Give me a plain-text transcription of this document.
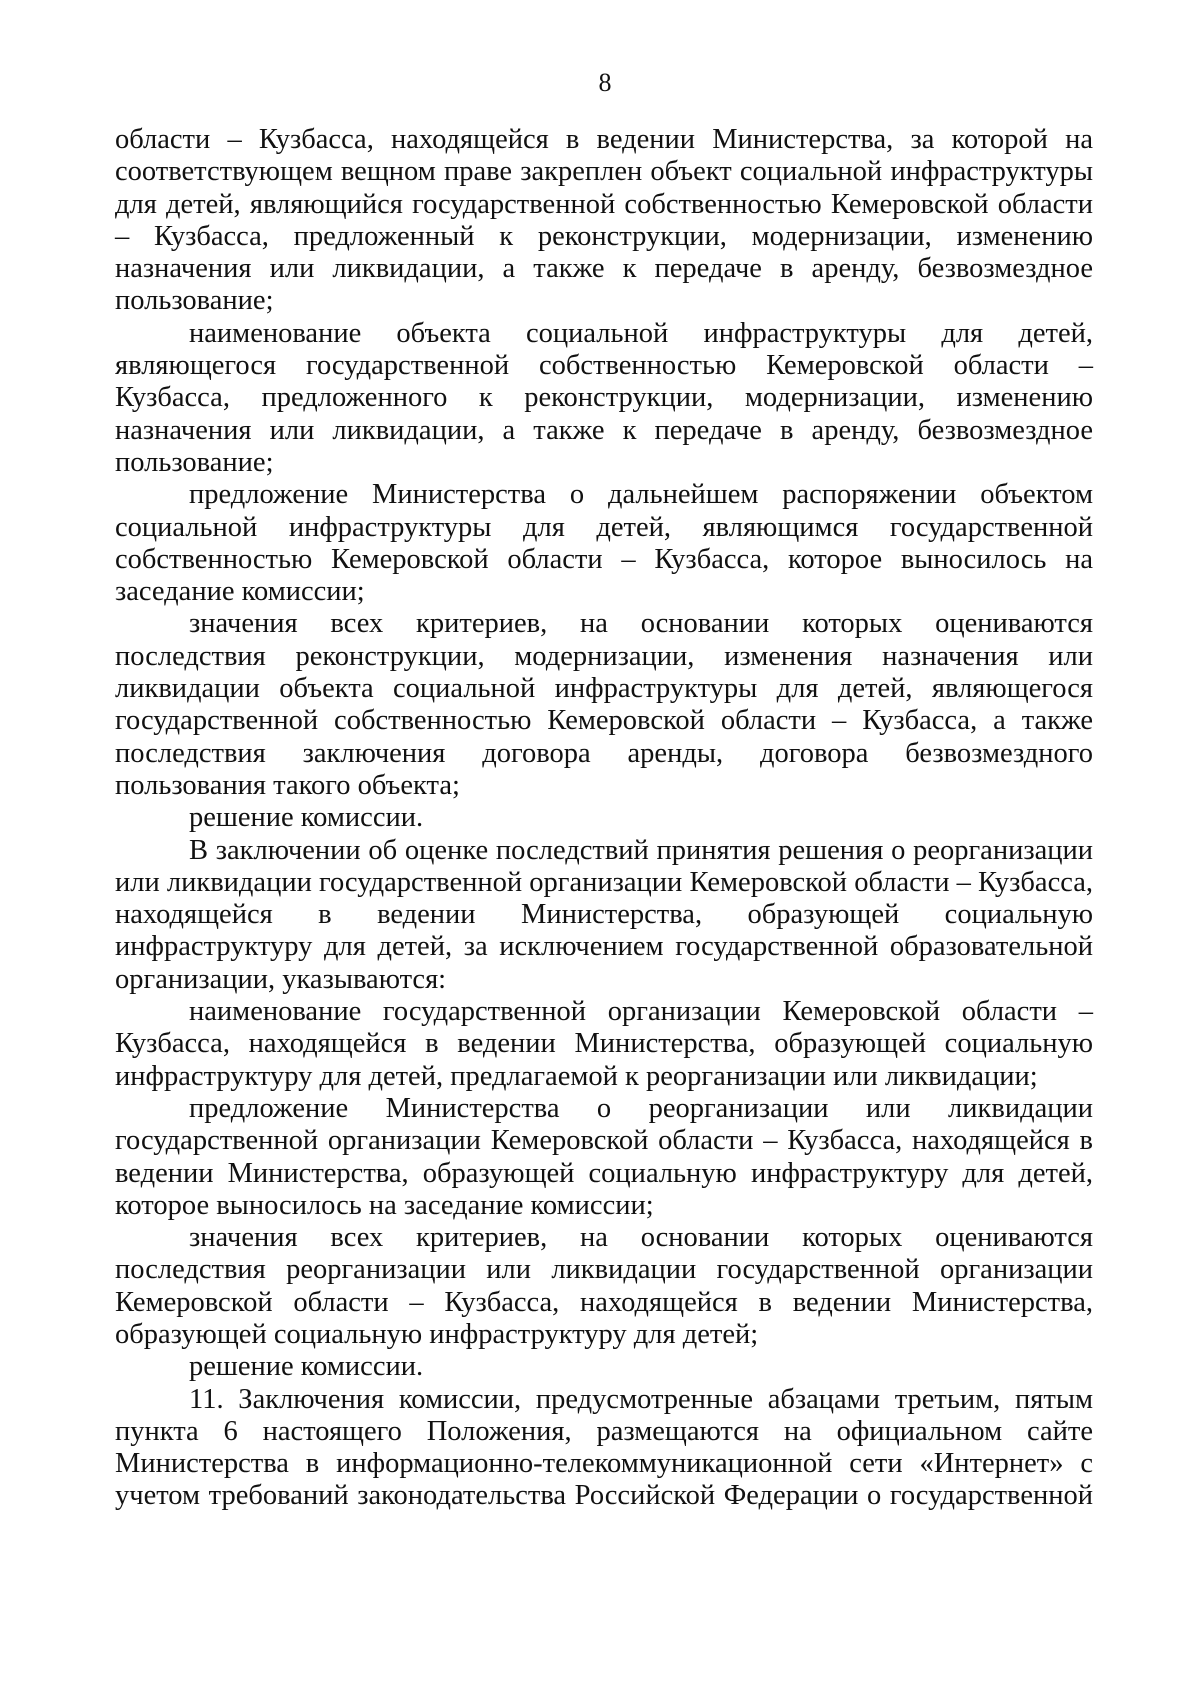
8

области – Кузбасса, находящейся в ведении Министерства, за которой на соответствующем вещном праве закреплен объект социальной инфраструктуры для детей, являющийся государственной собственностью Кемеровской области – Кузбасса, предложенный к реконструкции, модернизации, изменению назначения или ликвидации, а также к передаче в аренду, безвозмездное пользование;

наименование объекта социальной инфраструктуры для детей, являющегося государственной собственностью Кемеровской области – Кузбасса, предложенного к реконструкции, модернизации, изменению назначения или ликвидации, а также к передаче в аренду, безвозмездное пользование;

предложение Министерства о дальнейшем распоряжении объектом социальной инфраструктуры для детей, являющимся государственной собственностью Кемеровской области – Кузбасса, которое выносилось на заседание комиссии;

значения всех критериев, на основании которых оцениваются последствия реконструкции, модернизации, изменения назначения или ликвидации объекта социальной инфраструктуры для детей, являющегося государственной собственностью Кемеровской области – Кузбасса, а также последствия заключения договора аренды, договора безвозмездного пользования такого объекта;

решение комиссии.

В заключении об оценке последствий принятия решения о реорганизации или ликвидации государственной организации Кемеровской области – Кузбасса, находящейся в ведении Министерства, образующей социальную инфраструктуру для детей, за исключением государственной образовательной организации, указываются:

наименование государственной организации Кемеровской области – Кузбасса, находящейся в ведении Министерства, образующей социальную инфраструктуру для детей, предлагаемой к реорганизации или ликвидации;

предложение Министерства о реорганизации или ликвидации государственной организации Кемеровской области – Кузбасса, находящейся в ведении Министерства, образующей социальную инфраструктуру для детей, которое выносилось на заседание комиссии;

значения всех критериев, на основании которых оцениваются последствия реорганизации или ликвидации государственной организации Кемеровской области – Кузбасса, находящейся в ведении Министерства, образующей социальную инфраструктуру для детей;

решение комиссии.

11. Заключения комиссии, предусмотренные абзацами третьим, пятым пункта 6 настоящего Положения, размещаются на официальном сайте Министерства в информационно-телекоммуникационной сети «Интернет» с учетом требований законодательства Российской Федерации о государственной
